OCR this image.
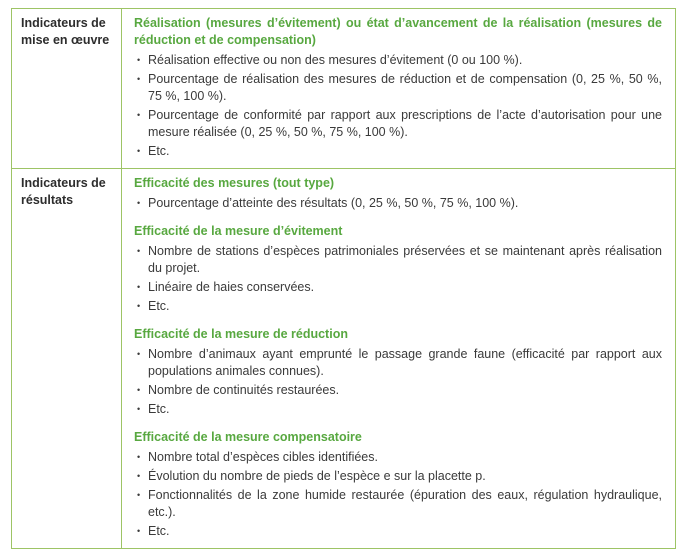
Indicateurs de mise en œuvre
Réalisation (mesures d’évitement) ou état d’avancement de la réalisation (mesures de réduction et de compensation)
• Réalisation effective ou non des mesures d’évitement (0 ou 100 %).
• Pourcentage de réalisation des mesures de réduction et de compensation (0, 25 %, 50 %, 75 %, 100 %).
• Pourcentage de conformité par rapport aux prescriptions de l’acte d’autorisation pour une mesure réalisée (0, 25 %, 50 %, 75 %, 100 %).
• Etc.
Indicateurs de résultats
Efficacité des mesures (tout type)
• Pourcentage d’atteinte des résultats (0, 25 %, 50 %, 75 %, 100 %).
Efficacité de la mesure d’évitement
• Nombre de stations d’espèces patrimoniales préservées et se maintenant après réalisation du projet.
• Linéaire de haies conservées.
• Etc.
Efficacité de la mesure de réduction
• Nombre d’animaux ayant emprunté le passage grande faune (efficacité par rapport aux populations animales connues).
• Nombre de continuités restaurées.
• Etc.
Efficacité de la mesure compensatoire
• Nombre total d’espèces cibles identifiées.
• Évolution du nombre de pieds de l’espèce e sur la placette p.
• Fonctionnalités de la zone humide restaurée (épuration des eaux, régulation hydraulique, etc.).
• Etc.
